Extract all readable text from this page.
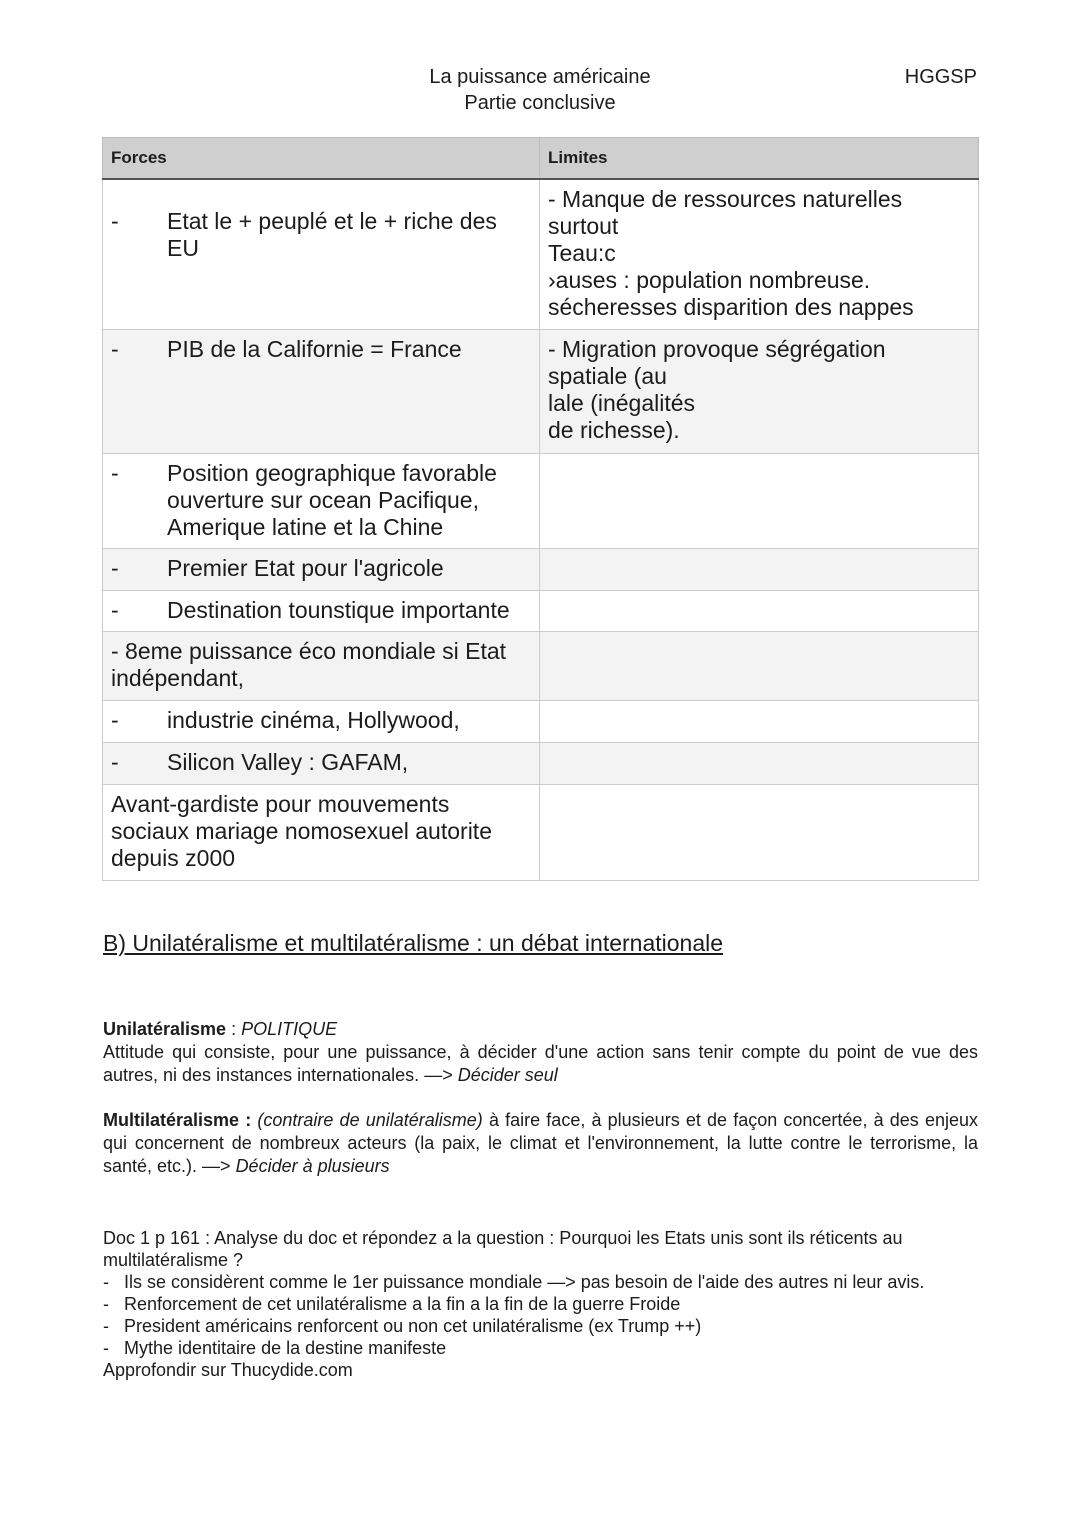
La puissance américaine
Partie conclusive
HGGSP
Forces	Limites

- Etat le + peuplé et le + riche des EU	- Manque de ressources naturelles
surtout
Teau:c
›auses : population nombreuse.
sécheresses disparition des nappes

- PIB de la Californie = France	- Migration provoque ségrégation
spatiale (au
lale (inégalités
de richesse).

- Position geographique favorable ouverture sur ocean Pacifique, Amerique latine et la Chine	

- Premier Etat pour l'agricole	

- Destination tounstique importante	

- 8eme puissance éco mondiale si Etat indépendant,	

- industrie cinéma, Hollywood,	

- Silicon Valley : GAFAM,	

Avant-gardiste pour mouvements
sociaux mariage nomosexuel autorite
depuis z000	

B) Unilatéralisme et multilatéralisme : un débat internationale

Unilatéralisme : POLITIQUE

Attitude qui consiste, pour une puissance, à décider d'une action sans tenir compte du point de vue des autres, ni des instances internationales. —> Décider seul

Multilatéralisme : (contraire de unilatéralisme) à faire face, à plusieurs et de façon concertée, à des enjeux qui concernent de nombreux acteurs (la paix, le climat et l'environnement, la lutte contre le terrorisme, la santé, etc.). —> Décider à plusieurs

Doc 1 p 161 : Analyse du doc et répondez a la question : Pourquoi les Etats unis sont ils réticents au multilatéralisme ?

- Ils se considèrent comme le 1er puissance mondiale —> pas besoin de l'aide des autres ni leur avis.
- Renforcement de cet unilatéralisme a la fin a la fin de la guerre Froide
- President américains renforcent ou non cet unilatéralisme (ex Trump ++)
- Mythe identitaire de la destine manifeste

Approfondir sur Thucydide.com
